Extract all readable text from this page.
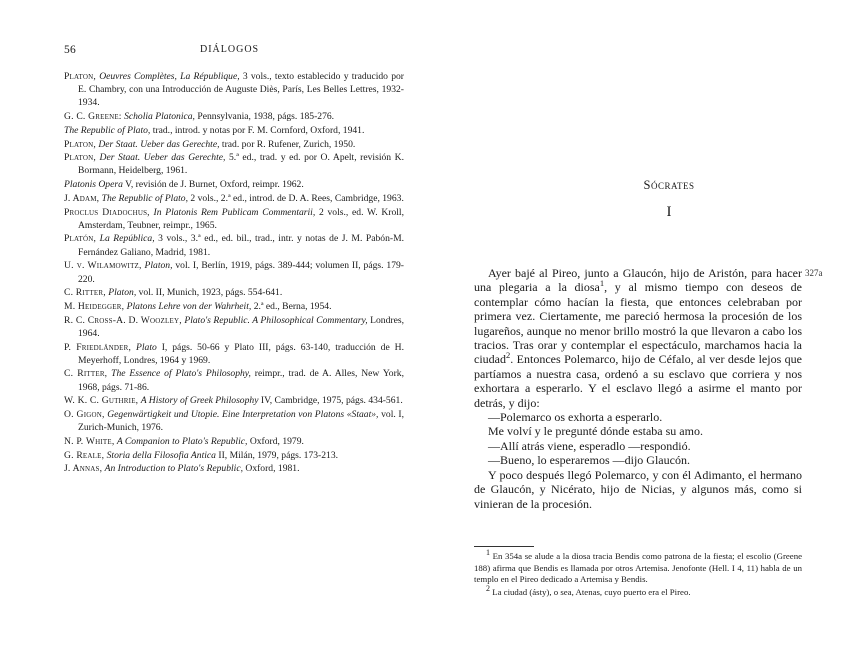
56	DIÁLOGOS

Platon, Oeuvres Complètes, La République, 3 vols., texto establecido y traducido por E. Chambry, con una Introducción de Auguste Diès, París, Les Belles Lettres, 1932-1934.

G. C. Greene: Scholia Platonica, Pennsylvania, 1938, págs. 185-276.

The Republic of Plato, trad., introd. y notas por F. M. Cornford, Oxford, 1941.

Platon, Der Staat. Ueber das Gerechte, trad. por R. Rufener, Zurich, 1950.

Platon, Der Staat. Ueber das Gerechte, 5.ª ed., trad. y ed. por O. Apelt, revisión K. Bormann, Heidelberg, 1961.

Platonis Opera V, revisión de J. Burnet, Oxford, reimpr. 1962.

J. Adam, The Republic of Plato, 2 vols., 2.ª ed., introd. de D. A. Rees, Cambridge, 1963.

Proclus Diadochus, In Platonis Rem Publicam Commentarii, 2 vols., ed. W. Kroll, Amsterdam, Teubner, reimpr., 1965.

Platón, La República, 3 vols., 3.ª ed., ed. bil., trad., intr. y notas de J. M. Pabón-M. Fernández Galiano, Madrid, 1981.

U. v. Wilamowitz, Platon, vol. I, Berlín, 1919, págs. 389-444; volumen II, págs. 179-220.

C. Ritter, Platon, vol. II, Munich, 1923, págs. 554-641.

M. Heidegger, Platons Lehre von der Wahrheit, 2.ª ed., Berna, 1954.

R. C. Cross-A. D. Woozley, Plato's Republic. A Philosophical Commentary, Londres, 1964.

P. Friedländer, Plato I, págs. 50-66 y Plato III, págs. 63-140, traducción de H. Meyerhoff, Londres, 1964 y 1969.

C. Ritter, The Essence of Plato's Philosophy, reimpr., trad. de A. Alles, New York, 1968, págs. 71-86.

W. K. C. Guthrie, A History of Greek Philosophy IV, Cambridge, 1975, págs. 434-561.

O. Gigon, Gegenwärtigkeit und Utopie. Eine Interpretation von Platons «Staat», vol. I, Zurich-Munich, 1976.

N. P. White, A Companion to Plato's Republic, Oxford, 1979.

G. Reale, Storia della Filosofia Antica II, Milán, 1979, págs. 173-213.

J. Annas, An Introduction to Plato's Republic, Oxford, 1981.

Sócrates
I
327a

Ayer bajé al Pireo, junto a Glaucón, hijo de Aristón, para hacer una plegaria a la diosa$^1$, y al mismo tiempo con deseos de contemplar cómo hacían la fiesta, que entonces celebraban por primera vez. Ciertamente, me pareció hermosa la procesión de los lugareños, aunque no menor brillo mostró la que llevaron a cabo los tracios. Tras orar y contemplar el espectáculo, marchamos hacia la ciudad$^2$. Entonces Polemarco, hijo de Céfalo, al ver desde lejos que partíamos a nuestra casa, ordenó a su esclavo que corriera y nos exhortara a esperarlo. Y el esclavo llegó a asirme el manto por detrás, y dijo:

—Polemarco os exhorta a esperarlo.

Me volví y le pregunté dónde estaba su amo.

—Allí atrás viene, esperadlo —respondió.

—Bueno, lo esperaremos —dijo Glaucón.

Y poco después llegó Polemarco, y con él Adimanto, el hermano de Glaucón, y Nicérato, hijo de Nicias, y algunos más, como si vinieran de la procesión.

1 En 354a se alude a la diosa tracia Bendis como patrona de la fiesta; el escolio (Greene 188) afirma que Bendis es llamada por otros Artemisa. Jenofonte (Hell. I 4, 11) habla de un templo en el Pireo dedicado a Artemisa y Bendis.

2 La ciudad (ásty), o sea, Atenas, cuyo puerto era el Pireo.
